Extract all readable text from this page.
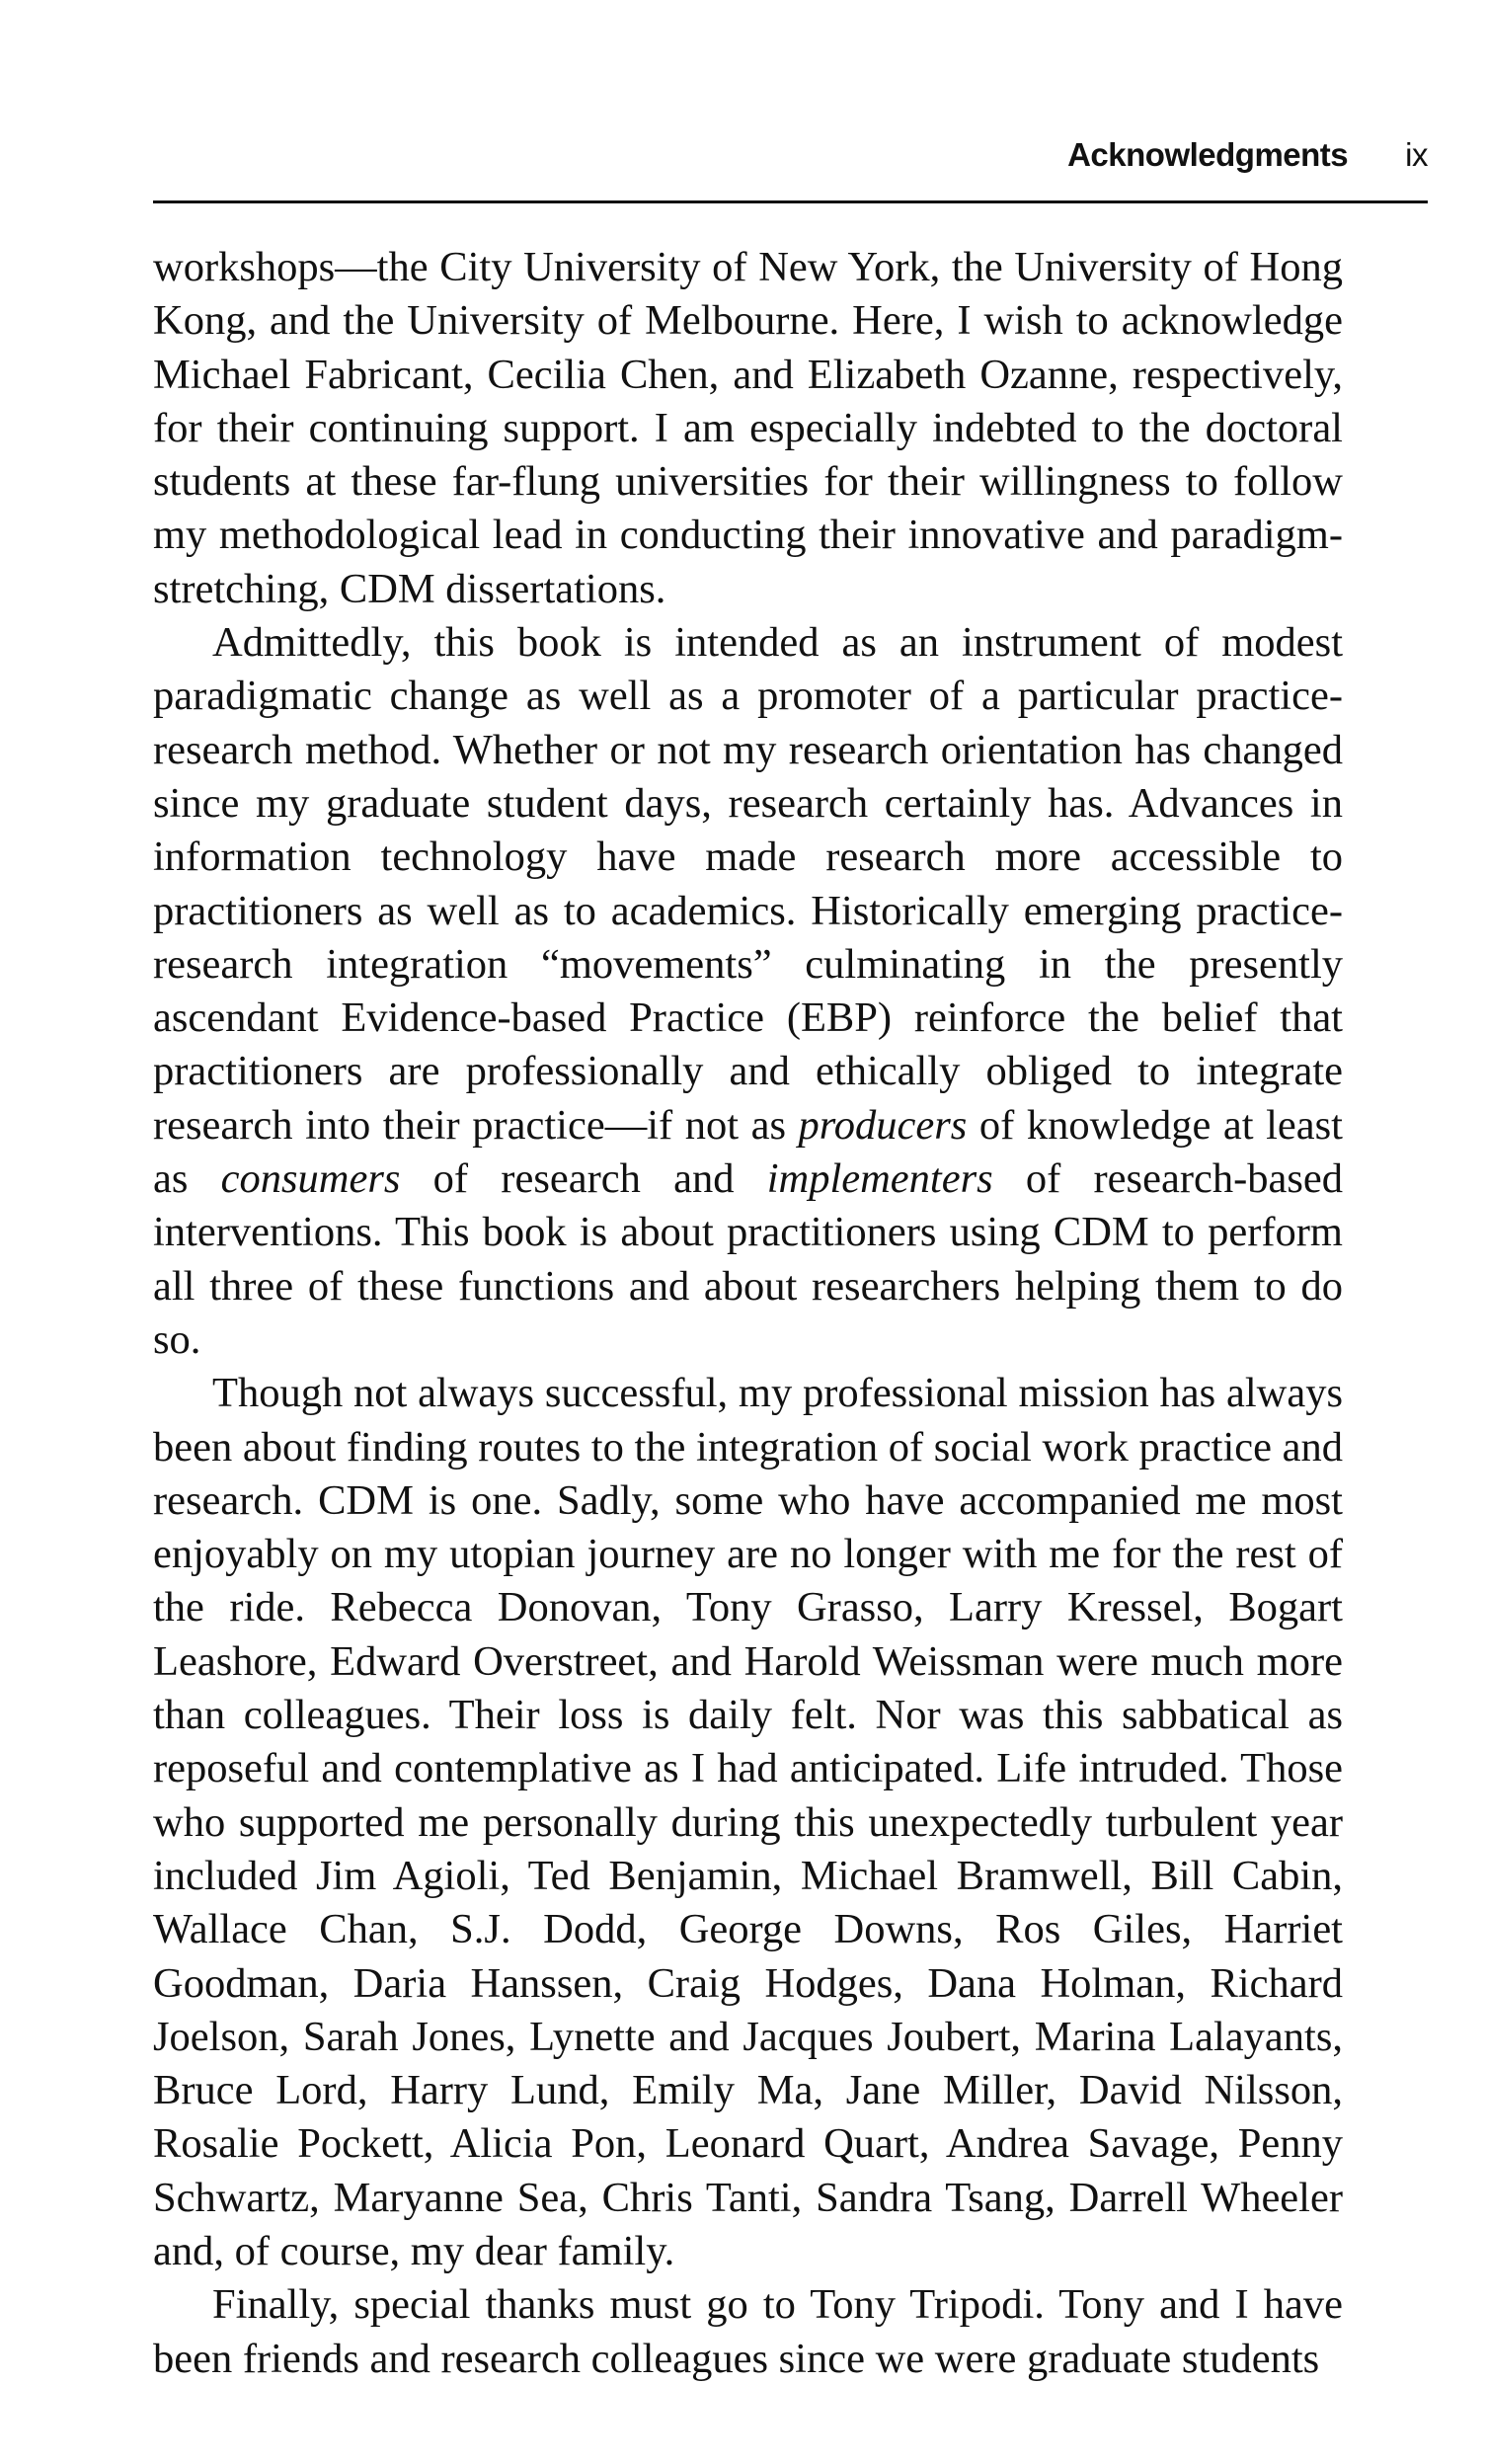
Acknowledgments ix

workshops—the City University of New York, the University of Hong Kong, and the University of Melbourne. Here, I wish to acknowledge Michael Fabricant, Cecilia Chen, and Elizabeth Ozanne, respectively, for their continuing support. I am especially indebted to the doctoral students at these far-flung universities for their willingness to follow my methodological lead in conducting their innovative and paradigm-stretching, CDM dissertations.

Admittedly, this book is intended as an instrument of modest paradigmatic change as well as a promoter of a particular practice-research method. Whether or not my research orientation has changed since my graduate student days, research certainly has. Advances in information technology have made research more accessible to practitioners as well as to academics. Historically emerging practice-research integration “movements” culminating in the presently ascendant Evidence-based Practice (EBP) reinforce the belief that practitioners are professionally and ethically obliged to integrate research into their practice—if not as producers of knowledge at least as consumers of research and implementers of research-based interventions. This book is about practitioners using CDM to perform all three of these functions and about researchers helping them to do so.

Though not always successful, my professional mission has always been about finding routes to the integration of social work practice and research. CDM is one. Sadly, some who have accompanied me most enjoyably on my utopian journey are no longer with me for the rest of the ride. Rebecca Donovan, Tony Grasso, Larry Kressel, Bogart Leashore, Edward Overstreet, and Harold Weissman were much more than colleagues. Their loss is daily felt. Nor was this sabbatical as reposeful and contemplative as I had anticipated. Life intruded. Those who supported me personally during this unexpectedly turbulent year included Jim Agioli, Ted Benjamin, Michael Bramwell, Bill Cabin, Wallace Chan, S.J. Dodd, George Downs, Ros Giles, Harriet Goodman, Daria Hanssen, Craig Hodges, Dana Holman, Richard Joelson, Sarah Jones, Lynette and Jacques Joubert, Marina Lalayants, Bruce Lord, Harry Lund, Emily Ma, Jane Miller, David Nilsson, Rosalie Pockett, Alicia Pon, Leonard Quart, Andrea Savage, Penny Schwartz, Maryanne Sea, Chris Tanti, Sandra Tsang, Darrell Wheeler and, of course, my dear family.

Finally, special thanks must go to Tony Tripodi. Tony and I have been friends and research colleagues since we were graduate students
